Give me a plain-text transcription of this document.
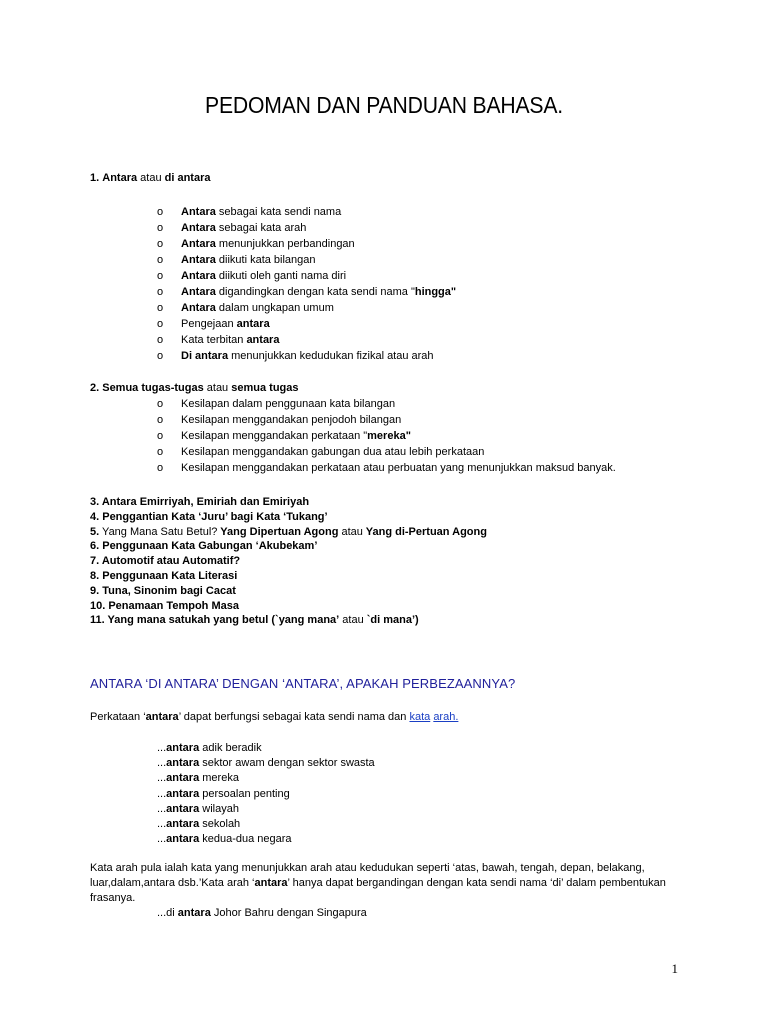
PEDOMAN DAN PANDUAN BAHASA.
1. Antara atau di antara
o Antara sebagai kata sendi nama
o Antara sebagai kata arah
o Antara menunjukkan perbandingan
o Antara diikuti kata bilangan
o Antara diikuti oleh ganti nama diri
o Antara digandingkan dengan kata sendi nama "hingga"
o Antara dalam ungkapan umum
o Pengejaan antara
o Kata terbitan antara
o Di antara menunjukkan kedudukan fizikal atau arah
2. Semua tugas-tugas atau semua tugas
o Kesilapan dalam penggunaan kata bilangan
o Kesilapan menggandakan penjodoh bilangan
o Kesilapan menggandakan perkataan "mereka"
o Kesilapan menggandakan gabungan dua atau lebih perkataan
o Kesilapan menggandakan perkataan atau perbuatan yang menunjukkan maksud banyak.
3. Antara Emirriyah, Emiriah dan Emiriyah
4. Penggantian Kata ‘Juru’ bagi Kata ‘Tukang’
5. Yang Mana Satu Betul? Yang Dipertuan Agong atau Yang di-Pertuan Agong
6. Penggunaan Kata Gabungan ‘Akubekam’
7. Automotif atau Automatif?
8. Penggunaan Kata Literasi
9. Tuna, Sinonim bagi Cacat
10. Penamaan Tempoh Masa
11. Yang mana satukah yang betul (`yang mana’ atau `di mana’)
ANTARA ‘DI ANTARA’ DENGAN ‘ANTARA’, APAKAH PERBEZAANNYA?
Perkataan ‘antara’ dapat berfungsi sebagai kata sendi nama dan kata arah.
...antara adik beradik
...antara sektor awam dengan sektor swasta
...antara mereka
...antara persoalan penting
...antara wilayah
...antara sekolah
...antara kedua-dua negara
Kata arah pula ialah kata yang menunjukkan arah atau kedudukan seperti ‘atas, bawah, tengah, depan, belakang,
luar,dalam,antara dsb.’Kata arah ‘antara’ hanya dapat bergandingan dengan kata sendi nama ‘di’ dalam pembentukan frasanya.
...di antara Johor Bahru dengan Singapura
1
